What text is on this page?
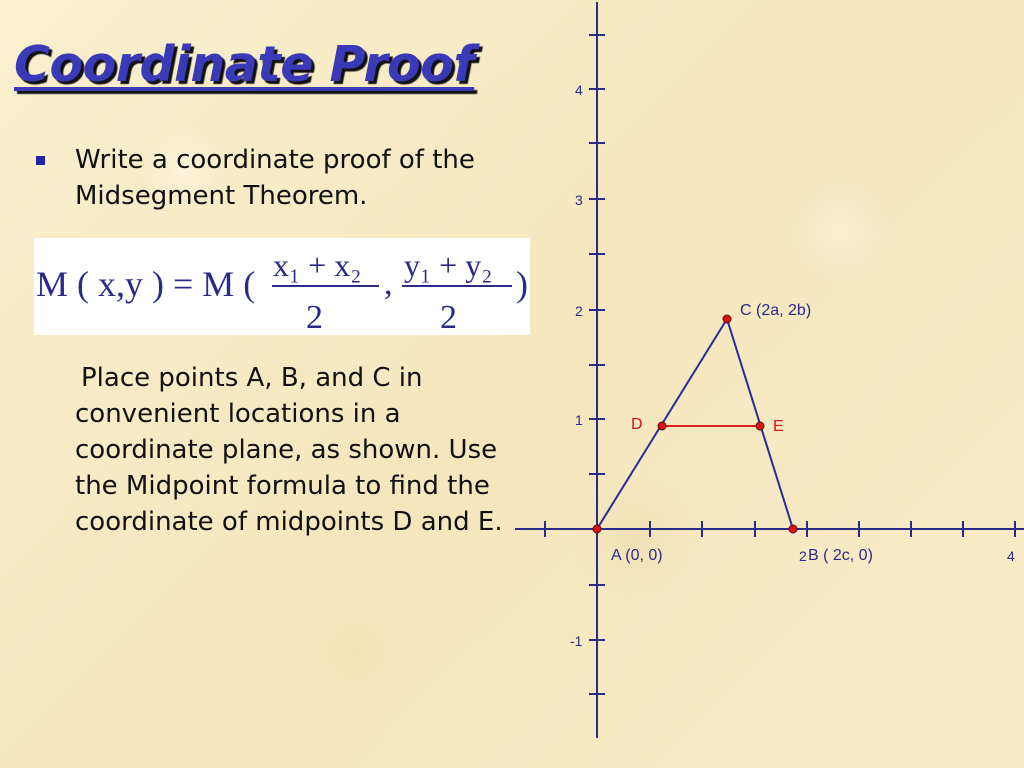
Coordinate Proof
Write a coordinate proof of the Midsegment Theorem.
M ( x,y ) = M ( x₁ + x₂
2
, y₁ + y₂
2
)
Place points A, B, and C in convenient locations in a coordinate plane, as shown. Use the Midpoint formula to find the coordinate of midpoints D and E.
4
3
2
1
-1
2	4
A (0, 0)	B ( 2c, 0)
C (2a, 2b)
D	E
